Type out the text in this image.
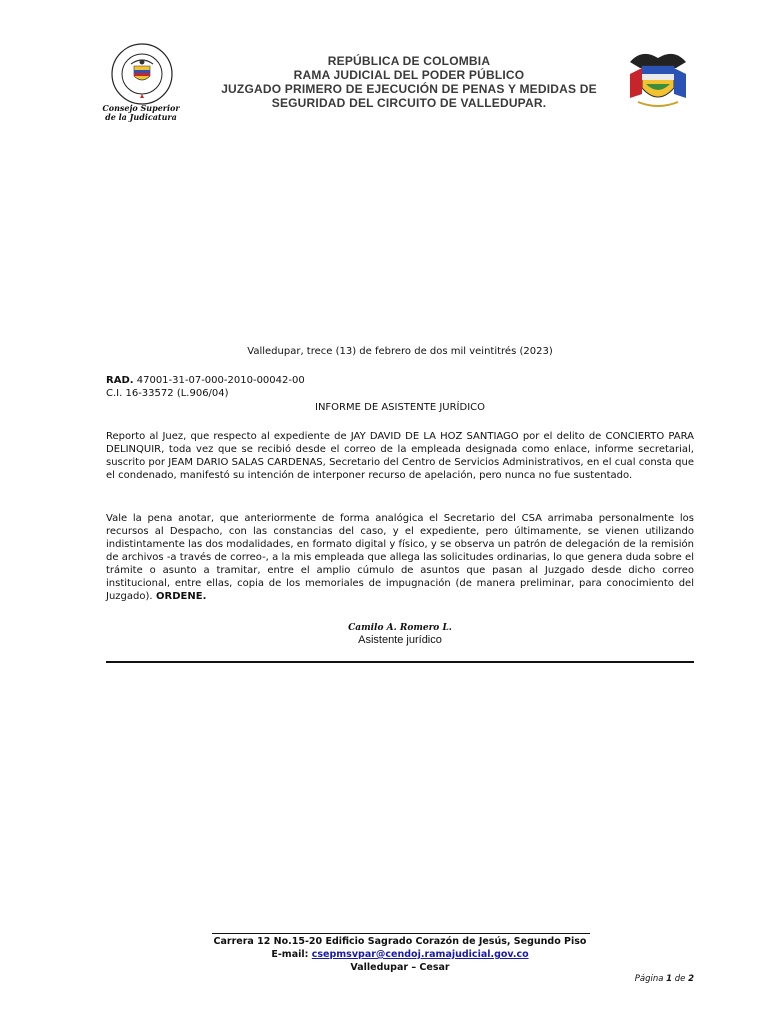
Consejo Superior
de la Judicatura
REPÚBLICA DE COLOMBIA
RAMA JUDICIAL DEL PODER PÚBLICO
JUZGADO PRIMERO DE EJECUCIÓN DE PENAS Y MEDIDAS DE
SEGURIDAD DEL CIRCUITO DE VALLEDUPAR.
Valledupar, trece (13) de febrero de dos mil veintitrés (2023)
RAD. 47001-31-07-000-2010-00042-00
C.I. 16-33572 (L.906/04)
INFORME DE ASISTENTE JURÍDICO
Reporto al Juez, que respecto al expediente de JAY DAVID DE LA HOZ SANTIAGO por el delito de CONCIERTO PARA DELINQUIR, toda vez que se recibió desde el correo de la empleada designada como enlace, informe secretarial, suscrito por JEAM DARIO SALAS CARDENAS, Secretario del Centro de Servicios Administrativos, en el cual consta que el condenado, manifestó su intención de interponer recurso de apelación, pero nunca no fue sustentado.
Vale la pena anotar, que anteriormente de forma analógica el Secretario del CSA arrimaba personalmente los recursos al Despacho, con las constancias del caso, y el expediente, pero últimamente, se vienen utilizando indistintamente las dos modalidades, en formato digital y físico, y se observa un patrón de delegación de la remisión de archivos -a través de correo-, a la mis empleada que allega las solicitudes ordinarias, lo que genera duda sobre el trámite o asunto a tramitar, entre el amplio cúmulo de asuntos que pasan al Juzgado desde dicho correo institucional, entre ellas, copia de los memoriales de impugnación (de manera preliminar, para conocimiento del Juzgado). ORDENE.
Camilo A. Romero L.
Asistente jurídico
Carrera 12 No.15-20 Edificio Sagrado Corazón de Jesús, Segundo Piso
E-mail: csepmsvpar@cendoj.ramajudicial.gov.co
Valledupar – Cesar
Página 1 de 2
